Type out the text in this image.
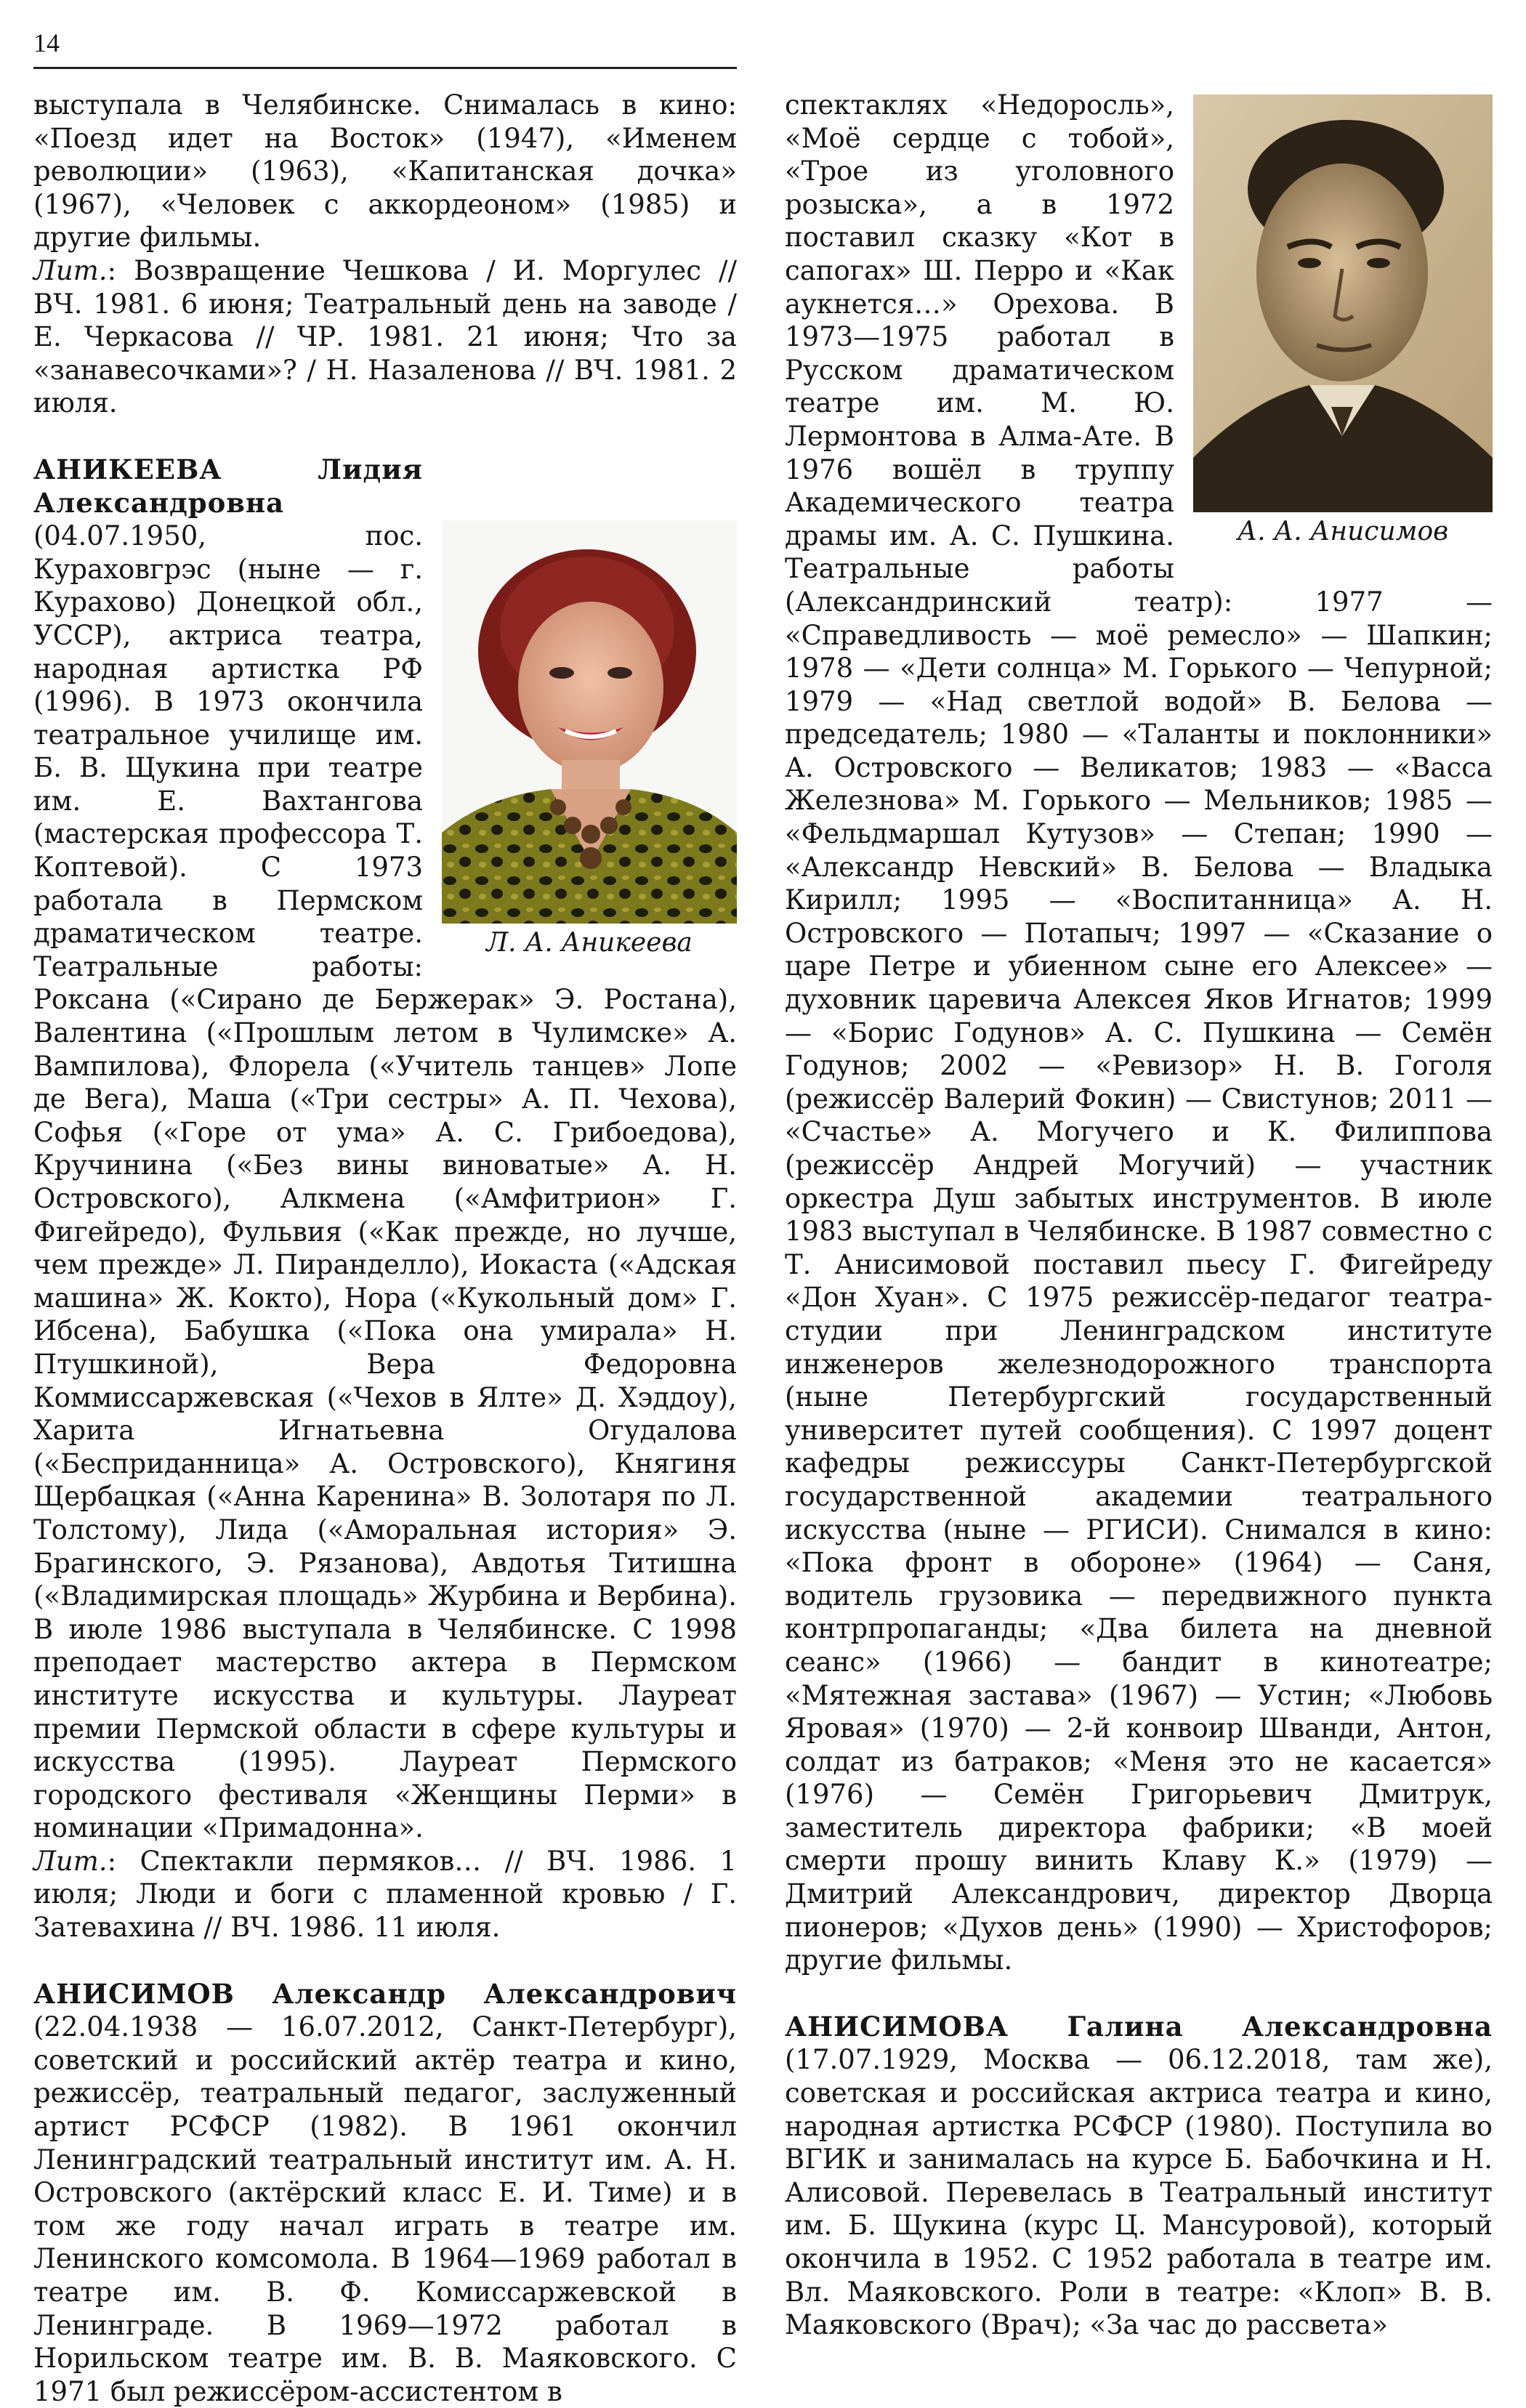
14

выступала в Челябинске. Снималась в кино: «Поезд идет на Восток» (1947), «Именем революции» (1963), «Капитанская дочка» (1967), «Человек с аккордеоном» (1985) и другие фильмы.
Лит.: Возвращение Чешкова / И. Моргулес // ВЧ. 1981. 6 июня; Театральный день на заводе / Е. Черкасова // ЧР. 1981. 21 июня; Что за «занавесочками»? / Н. Назаленова // ВЧ. 1981. 2 июля.

Л. А. Аникеева
АНИКЕЕВА Лидия Александровна (04.07.1950, пос. Кураховгрэс (ныне — г. Курахово) Донецкой обл., УССР), актриса театра, народная артистка РФ (1996). В 1973 окончила театральное училище им. Б. В. Щукина при театре им. Е. Вахтангова (мастерская профессора Т. Коптевой). С 1973 работала в Пермском драматическом театре. Театральные работы: Роксана («Сирано де Бержерак» Э. Ростана), Валентина («Прошлым летом в Чулимске» А. Вампилова), Флорела («Учитель танцев» Лопе де Вега), Маша («Три сестры» А. П. Чехова), Софья («Горе от ума» А. С. Грибоедова), Кручинина («Без вины виноватые» А. Н. Островского), Алкмена («Амфитрион» Г. Фигейредо), Фульвия («Как прежде, но лучше, чем прежде» Л. Пиранделло), Иокаста («Адская машина» Ж. Кокто), Нора («Кукольный дом» Г. Ибсена), Бабушка («Пока она умирала» Н. Птушкиной), Вера Федоровна Коммиссаржевская («Чехов в Ялте» Д. Хэддоу), Харита Игнатьевна Огудалова («Бесприданница» А. Островского), Княгиня Щербацкая («Анна Каренина» В. Золотаря по Л. Толстому), Лида («Аморальная история» Э. Брагинского, Э. Рязанова), Авдотья Титишна («Владимирская площадь» Журбина и Вербина). В июле 1986 выступала в Челябинске. С 1998 преподает мастерство актера в Пермском институте искусства и культуры. Лауреат премии Пермской области в сфере культуры и искусства (1995). Лауреат Пермского городского фестиваля «Женщины Перми» в номинации «Примадонна».
Лит.: Спектакли пермяков… // ВЧ. 1986. 1 июля; Люди и боги с пламенной кровью / Г. Затевахина // ВЧ. 1986. 11 июля.

АНИСИМОВ Александр Александрович (22.04.1938 — 16.07.2012, Санкт-Петербург), советский и российский актёр театра и кино, режиссёр, театральный педагог, заслуженный артист РСФСР (1982). В 1961 окончил Ленинградский театральный институт им. А. Н. Островского (актёрский класс Е. И. Тиме) и в том же году начал играть в театре им. Ленинского комсомола. В 1964—1969 работал в театре им. В. Ф. Комиссаржевской в Ленинграде. В 1969—1972 работал в Норильском театре им. В. В. Маяковского. С 1971 был режиссёром-ассистентом в

А. А. Анисимов
спектаклях «Недоросль», «Моё сердце с тобой», «Трое из уголовного розыска», а в 1972 поставил сказку «Кот в сапогах» Ш. Перро и «Как аукнется…» Орехова. В 1973—1975 работал в Русском драматическом театре им. М. Ю. Лермонтова в Алма-Ате. В 1976 вошёл в труппу Академического театра драмы им. А. С. Пушкина. Театральные работы (Александринский театр): 1977 — «Справедливость — моё ремесло» — Шапкин; 1978 — «Дети солнца» М. Горького — Чепурной; 1979 — «Над светлой водой» В. Белова — председатель; 1980 — «Таланты и поклонники» А. Островского — Великатов; 1983 — «Васса Железнова» М. Горького — Мельников; 1985 — «Фельдмаршал Кутузов» — Степан; 1990 — «Александр Невский» В. Белова — Владыка Кирилл; 1995 — «Воспитанница» А. Н. Островского — Потапыч; 1997 — «Сказание о царе Петре и убиенном сыне его Алексее» — духовник царевича Алексея Яков Игнатов; 1999 — «Борис Годунов» А. С. Пушкина — Семён Годунов; 2002 — «Ревизор» Н. В. Гоголя (режиссёр Валерий Фокин) — Свистунов; 2011 — «Счастье» А. Могучего и К. Филиппова (режиссёр Андрей Могучий) — участник оркестра Душ забытых инструментов. В июле 1983 выступал в Челябинске. В 1987 совместно с Т. Анисимовой поставил пьесу Г. Фигейреду «Дон Хуан». С 1975 режиссёр-педагог театра-студии при Ленинградском институте инженеров железнодорожного транспорта (ныне Петербургский государственный университет путей сообщения). С 1997 доцент кафедры режиссуры Санкт-Петербургской государственной академии театрального искусства (ныне — РГИСИ). Снимался в кино: «Пока фронт в обороне» (1964) — Саня, водитель грузовика — передвижного пункта контрпропаганды; «Два билета на дневной сеанс» (1966) — бандит в кинотеатре; «Мятежная застава» (1967) — Устин; «Любовь Яровая» (1970) — 2-й конвоир Шванди, Антон, солдат из батраков; «Меня это не касается» (1976) — Семён Григорьевич Дмитрук, заместитель директора фабрики; «В моей смерти прошу винить Клаву К.» (1979) — Дмитрий Александрович, директор Дворца пионеров; «Духов день» (1990) — Христофоров; другие фильмы.

АНИСИМОВА Галина Александровна (17.07.1929, Москва — 06.12.2018, там же), советская и российская актриса театра и кино, народная артистка РСФСР (1980). Поступила во ВГИК и занималась на курсе Б. Бабочкина и Н. Алисовой. Перевелась в Театральный институт им. Б. Щукина (курс Ц. Мансуровой), который окончила в 1952. С 1952 работала в театре им. Вл. Маяковского. Роли в театре: «Клоп» В. В. Маяковского (Врач); «За час до рассвета»
